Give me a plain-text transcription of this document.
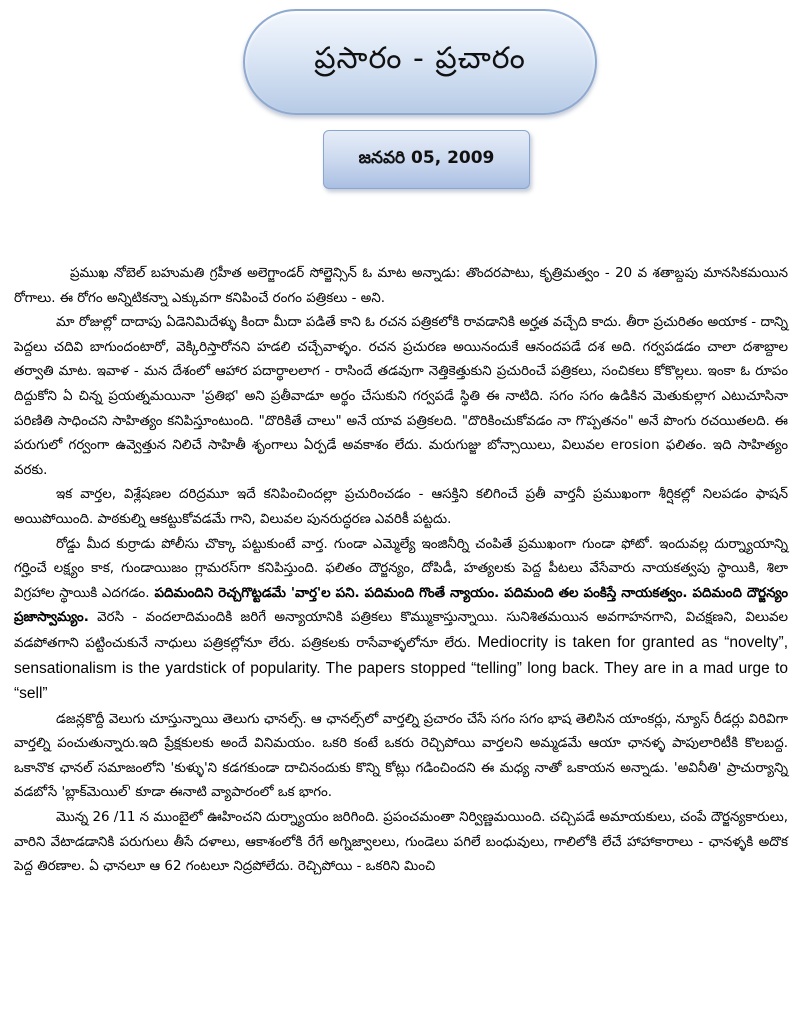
ప్రసారం - ప్రచారం
జనవరి 05, 2009

ప్రముఖ నోబెల్ బహుమతి గ్రహీత అలెగ్జాండర్ సోల్జెన్సిన్ ఓ మాట అన్నాడు: తొందరపాటు, కృత్రిమత్వం - 20 వ శతాబ్దపు మానసికమయిన రోగాలు. ఈ రోగం అన్నిటికన్నా ఎక్కువగా కనిపించే రంగం పత్రికలు - అని.

మా రోజుల్లో దాదాపు ఏడెనిమిదేళ్ళు కిందా మీదా పడితే కాని ఓ రచన పత్రికలోకి రావడానికి అర్హత వచ్చేది కాదు. తీరా ప్రచురితం అయాక - దాన్ని పెద్దలు చదివి బాగుందంటారో, వెక్కిరిస్తారోనని హడలి చచ్చేవాళ్ళం. రచన ప్రచురణ అయినందుకే ఆనందపడే దశ అది. గర్వపడడం చాలా దశాబ్దాల తర్వాతి మాట. ఇవాళ - మన దేశంలో ఆహార పదార్థాలలాగ - రాసిందే తడవుగా నెత్తికెత్తుకుని ప్రచురించే పత్రికలు, సంచికలు కోకొల్లలు. ఇంకా ఓ రూపం దిద్దుకోని ఏ చిన్న ప్రయత్నమయినా 'ప్రతిభ' అని ప్రతీవాడూ అర్థం చేసుకుని గర్వపడే స్థితి ఈ నాటిది. సగం సగం ఉడికిన మెతుకుల్లాగ ఎటుచూసినా పరిణితి సాధించని సాహిత్యం కనిపిస్తూంటుంది. "దొరికితే చాలు" అనే యావ పత్రికలది. "దొరికించుకోవడం నా గొప్పతనం" అనే పొంగు రచయితలది. ఈ పరుగులో గర్వంగా ఉవ్వెత్తున నిలిచే సాహితీ శృంగాలు ఏర్పడే అవకాశం లేదు. మరుగుజ్జు బోన్సాయిలు, విలువల erosion ఫలితం. ఇది సాహిత్యం వరకు.

ఇక వార్తల, విశ్లేషణల దరిద్రమూ ఇదే కనిపించిందల్లా ప్రచురించడం - ఆసక్తిని కలిగించే ప్రతీ వార్తనీ ప్రముఖంగా శీర్షికల్లో నిలపడం ఫాషన్ అయిపోయింది. పాఠకుల్ని ఆకట్టుకోవడమే గాని, విలువల పునరుద్ధరణ ఎవరికీ పట్టదు.

రోడ్డు మీద కుర్రాడు పోలీసు చొక్కా పట్టుకుంటే వార్త. గుండా ఎమ్మెల్యే ఇంజినీర్ని చంపితే ప్రముఖంగా గుండా ఫోటో. ఇందువల్ల దుర్న్యాయాన్ని గర్హించే లక్ష్యం కాక, గుండాయిజం గ్లామరస్‌గా కనిపిస్తుంది. ఫలితం దౌర్జన్యం, దోపిడీ, హత్యలకు పెద్ద పీటలు వేసేవారు నాయకత్వపు స్థాయికి, శిలా విగ్రహాల స్థాయికి ఎదగడం. పదిమందిని రెచ్చగొట్టడమే 'వార్త'ల పని. పదిమంది గొంతే న్యాయం. పదిమంది తల పంకిస్తే నాయకత్వం. పదిమంది దౌర్జన్యం ప్రజాస్వామ్యం. వెరసి - వందలాదిమందికి జరిగే అన్యాయానికి పత్రికలు కొమ్ముకాస్తున్నాయి. సునిశితమయిన అవగాహనగాని, విచక్షణని, విలువల వడపోతగాని పట్టించుకునే నాధులు పత్రికల్లోనూ లేరు. పత్రికలకు రాసేవాళ్ళలోనూ లేరు. Mediocrity is taken for granted as “novelty”, sensationalism is the yardstick of popularity. The papers stopped “telling” long back. They are in a mad urge to “sell”

డజన్లకొద్దీ వెలుగు చూస్తున్నాయి తెలుగు ఛానల్స్. ఆ ఛానల్స్‌లో వార్తల్ని ప్రచారం చేసే సగం సగం భాష తెలిసిన యాంకర్లు, న్యూస్ రీడర్లు విరివిగా వార్తల్ని పంచుతున్నారు.ఇది ప్రేక్షకులకు అందే వినిమయం. ఒకరి కంటే ఒకరు రెచ్చిపోయి వార్తలని అమ్మడమే ఆయా ఛానళ్ళ పాపులారిటీకి కొలబద్ద. ఒకానొక ఛానల్ సమాజంలోని 'కుళ్ళు'ని కడగకుండా దాచినందుకు కొన్ని కోట్లు గడించిందని ఈ మధ్య నాతో ఒకాయన అన్నాడు. 'అవినీతి' ప్రాచుర్యాన్ని వడబోసే 'బ్లాక్‌మెయిల్' కూడా ఈనాటి వ్యాపారంలో ఒక భాగం.

మొన్న 26 /11 న ముంబైలో ఊహించని దుర్న్యాయం జరిగింది. ప్రపంచమంతా నిర్విణ్ణమయింది. చచ్చిపడే అమాయకులు, చంపే దౌర్జన్యకారులు, వారిని వేటాడడానికి పరుగులు తీసే దళాలు, ఆకాశంలోకి రేగే అగ్నిజ్వాలలు, గుండెలు పగిలే బంధువులు, గాలిలోకి లేచే హాహాకారాలు - ఛానళ్ళకి అదొక పెద్ద తిరణాల. ఏ ఛానలూ ఆ 62 గంటలూ నిద్రపోలేదు. రెచ్చిపోయి - ఒకరిని మించి
